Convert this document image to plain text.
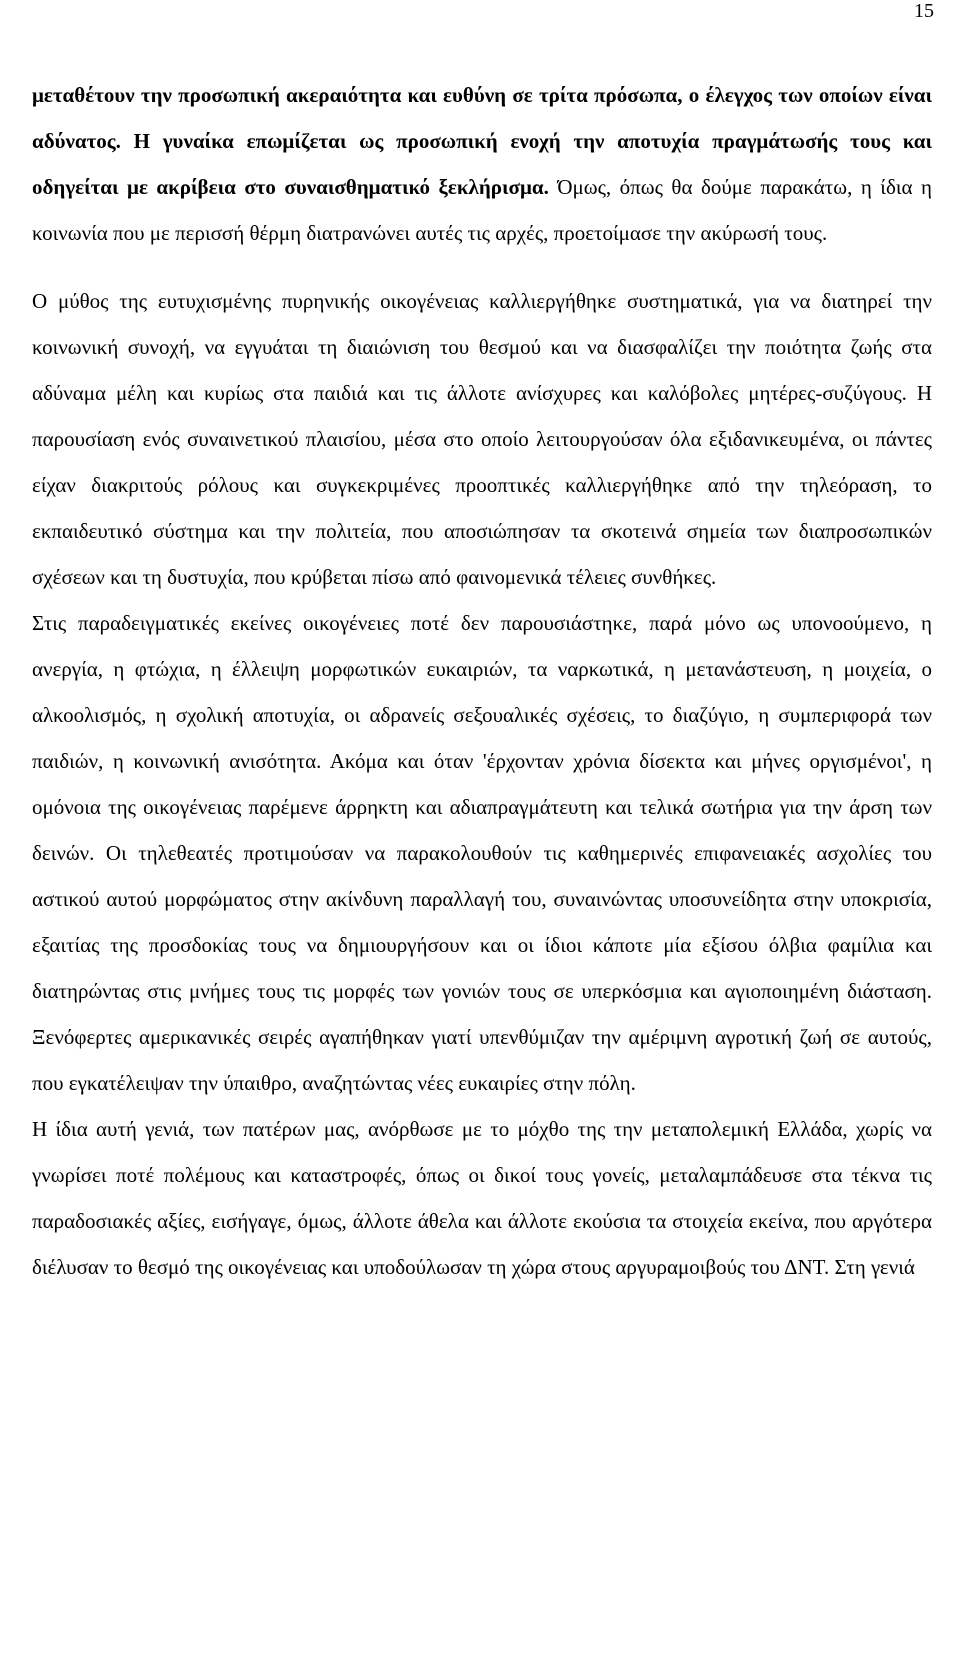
15

μεταθέτουν την προσωπική ακεραιότητα και ευθύνη σε τρίτα πρόσωπα, ο έλεγχος των οποίων είναι αδύνατος. Η γυναίκα επωμίζεται ως προσωπική ενοχή την αποτυχία πραγμάτωσής τους και οδηγείται με ακρίβεια στο συναισθηματικό ξεκλήρισμα. Όμως, όπως θα δούμε παρακάτω, η ίδια η κοινωνία που με περισσή θέρμη διατρανώνει αυτές τις αρχές, προετοίμασε την ακύρωσή τους.

Ο μύθος της ευτυχισμένης πυρηνικής οικογένειας καλλιεργήθηκε συστηματικά, για να διατηρεί την κοινωνική συνοχή, να εγγυάται τη διαιώνιση του θεσμού και να διασφαλίζει την ποιότητα ζωής στα αδύναμα μέλη και κυρίως στα παιδιά και τις άλλοτε ανίσχυρες και καλόβολες μητέρες-συζύγους. Η παρουσίαση ενός συναινετικού πλαισίου, μέσα στο οποίο λειτουργούσαν όλα εξιδανικευμένα, οι πάντες είχαν διακριτούς ρόλους και συγκεκριμένες προοπτικές καλλιεργήθηκε από την τηλεόραση, το εκπαιδευτικό σύστημα και την πολιτεία, που αποσιώπησαν τα σκοτεινά σημεία των διαπροσωπικών σχέσεων και τη δυστυχία, που κρύβεται πίσω από φαινομενικά τέλειες συνθήκες.

Στις παραδειγματικές εκείνες οικογένειες ποτέ δεν παρουσιάστηκε, παρά μόνο ως υπονοούμενο, η ανεργία, η φτώχια, η έλλειψη μορφωτικών ευκαιριών, τα ναρκωτικά, η μετανάστευση, η μοιχεία, ο αλκοολισμός, η σχολική αποτυχία, οι αδρανείς σεξουαλικές σχέσεις, το διαζύγιο, η συμπεριφορά των παιδιών, η κοινωνική ανισότητα. Ακόμα και όταν 'έρχονταν χρόνια δίσεκτα και μήνες οργισμένοι', η ομόνοια της οικογένειας παρέμενε άρρηκτη και αδιαπραγμάτευτη και τελικά σωτήρια για την άρση των δεινών. Οι τηλεθεατές προτιμούσαν να παρακολουθούν τις καθημερινές επιφανειακές ασχολίες του αστικού αυτού μορφώματος στην ακίνδυνη παραλλαγή του, συναινώντας υποσυνείδητα στην υποκρισία, εξαιτίας της προσδοκίας τους να δημιουργήσουν και οι ίδιοι κάποτε μία εξίσου όλβια φαμίλια και διατηρώντας στις μνήμες τους τις μορφές των γονιών τους σε υπερκόσμια και αγιοποιημένη διάσταση. Ξενόφερτες αμερικανικές σειρές αγαπήθηκαν γιατί υπενθύμιζαν την αμέριμνη αγροτική ζωή σε αυτούς, που εγκατέλειψαν την ύπαιθρο, αναζητώντας νέες ευκαιρίες στην πόλη.

Η ίδια αυτή γενιά, των πατέρων μας, ανόρθωσε με το μόχθο της την μεταπολεμική Ελλάδα, χωρίς να γνωρίσει ποτέ πολέμους και καταστροφές, όπως οι δικοί τους γονείς, μεταλαμπάδευσε στα τέκνα τις παραδοσιακές αξίες, εισήγαγε, όμως, άλλοτε άθελα και άλλοτε εκούσια τα στοιχεία εκείνα, που αργότερα διέλυσαν το θεσμό της οικογένειας και υποδούλωσαν τη χώρα στους αργυραμοιβούς του ΔΝΤ. Στη γενιά
